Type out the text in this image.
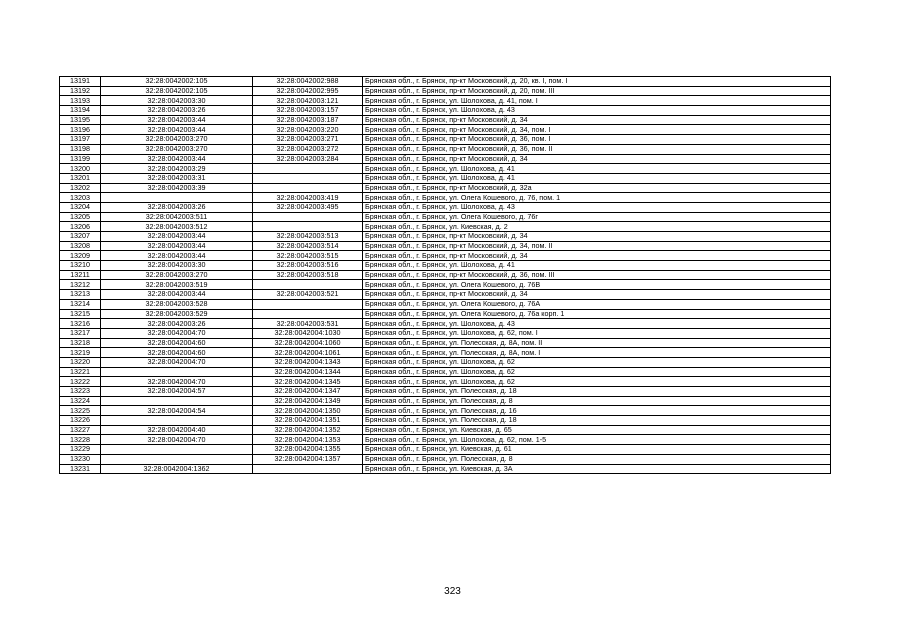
13191	32:28:0042002:105	32:28:0042002:988	Брянская обл., г. Брянск, пр-кт Московский, д. 20, кв. I, пом. I
13192	32:28:0042002:105	32:28:0042002:995	Брянская обл., г. Брянск, пр-кт Московский, д. 20, пом. III
13193	32:28:0042003:30	32:28:0042003:121	Брянская обл., г. Брянск, ул. Шолохова, д. 41, пом. I
13194	32:28:0042003:26	32:28:0042003:157	Брянская обл., г. Брянск, ул. Шолохова, д. 43
13195	32:28:0042003:44	32:28:0042003:187	Брянская обл., г. Брянск, пр-кт Московский, д. 34
13196	32:28:0042003:44	32:28:0042003:220	Брянская обл., г. Брянск, пр-кт Московский, д. 34, пом. I
13197	32:28:0042003:270	32:28:0042003:271	Брянская обл., г. Брянск, пр-кт Московский, д. 36, пом. I
13198	32:28:0042003:270	32:28:0042003:272	Брянская обл., г. Брянск, пр-кт Московский, д. 36, пом. II
13199	32:28:0042003:44	32:28:0042003:284	Брянская обл., г. Брянск, пр-кт Московский, д. 34
13200	32:28:0042003:29		Брянская обл., г. Брянск, ул. Шолохова, д. 41
13201	32:28:0042003:31		Брянская обл., г. Брянск, ул. Шолохова, д. 41
13202	32:28:0042003:39		Брянская обл., г. Брянск, пр-кт Московский, д. 32а
13203		32:28:0042003:419	Брянская обл., г. Брянск, ул. Олега Кошевого, д. 76, пом. 1
13204	32:28:0042003:26	32:28:0042003:495	Брянская обл., г. Брянск, ул. Шолохова, д. 43
13205	32:28:0042003:511		Брянская обл., г. Брянск, ул. Олега Кошевого, д. 76г
13206	32:28:0042003:512		Брянская обл., г. Брянск, ул. Киевская, д. 2
13207	32:28:0042003:44	32:28:0042003:513	Брянская обл., г. Брянск, пр-кт Московский, д. 34
13208	32:28:0042003:44	32:28:0042003:514	Брянская обл., г. Брянск, пр-кт Московский, д. 34, пом. II
13209	32:28:0042003:44	32:28:0042003:515	Брянская обл., г. Брянск, пр-кт Московский, д. 34
13210	32:28:0042003:30	32:28:0042003:516	Брянская обл., г. Брянск, ул. Шолохова, д. 41
13211	32:28:0042003:270	32:28:0042003:518	Брянская обл., г. Брянск, пр-кт Московский, д. 36, пом. III
13212	32:28:0042003:519		Брянская обл., г. Брянск, ул. Олега Кошевого, д. 76В
13213	32:28:0042003:44	32:28:0042003:521	Брянская обл., г. Брянск, пр-кт Московский, д. 34
13214	32:28:0042003:528		Брянская обл., г. Брянск, ул. Олега Кошевого, д. 76А
13215	32:28:0042003:529		Брянская обл., г. Брянск, ул. Олега Кошевого, д. 76а корп. 1
13216	32:28:0042003:26	32:28:0042003:531	Брянская обл., г. Брянск, ул. Шолохова, д. 43
13217	32:28:0042004:70	32:28:0042004:1030	Брянская обл., г. Брянск, ул. Шолохова, д. 62, пом. I
13218	32:28:0042004:60	32:28:0042004:1060	Брянская обл., г. Брянск, ул. Полесская, д. 8А, пом. II
13219	32:28:0042004:60	32:28:0042004:1061	Брянская обл., г. Брянск, ул. Полесская, д. 8А, пом. I
13220	32:28:0042004:70	32:28:0042004:1343	Брянская обл., г. Брянск, ул. Шолохова, д. 62
13221		32:28:0042004:1344	Брянская обл., г. Брянск, ул. Шолохова, д. 62
13222	32:28:0042004:70	32:28:0042004:1345	Брянская обл., г. Брянск, ул. Шолохова, д. 62
13223	32:28:0042004:57	32:28:0042004:1347	Брянская обл., г. Брянск, ул. Полесская, д. 18
13224		32:28:0042004:1349	Брянская обл., г. Брянск, ул. Полесская, д. 8
13225	32:28:0042004:54	32:28:0042004:1350	Брянская обл., г. Брянск, ул. Полесская, д. 16
13226		32:28:0042004:1351	Брянская обл., г. Брянск, ул. Полесская, д. 18
13227	32:28:0042004:40	32:28:0042004:1352	Брянская обл., г. Брянск, ул. Киевская, д. 65
13228	32:28:0042004:70	32:28:0042004:1353	Брянская обл., г. Брянск, ул. Шолохова, д. 62, пом. 1-5
13229		32:28:0042004:1355	Брянская обл., г. Брянск, ул. Киевская, д. 61
13230		32:28:0042004:1357	Брянская обл., г. Брянск, ул. Полесская, д. 8
13231	32:28:0042004:1362		Брянская обл., г. Брянск, ул. Киевская, д. 3А
323
